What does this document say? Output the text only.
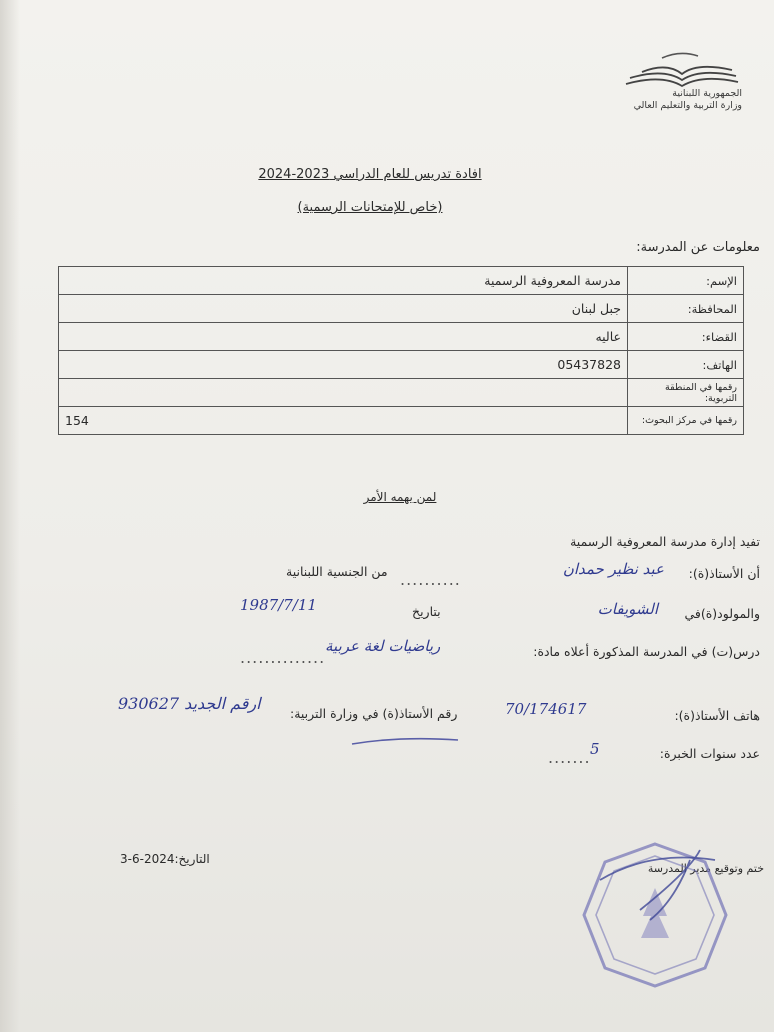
الجمهورية اللبنانية
وزارة التربية والتعليم العالي
افادة تدريس للعام الدراسي 2023-2024
(خاص للإمتحانات الرسمية)
معلومات عن المدرسة:
الإسم:	مدرسة المعروفية الرسمية
المحافظة:	جبل لبنان
القضاء:	عاليه
الهاتف:	05437828
رقمها في المنطقة التربوية:	
رقمها في مركز البحوث:	154
لمن يهمه الأمر
تفيد إدارة مدرسة المعروفية الرسمية
أن الأستاذ(ة):
عبد نظير حمدان
..........
من الجنسية اللبنانية
والمولود(ة)في
الشويفات
بتاريخ
1987/7/11
درس(ت) في المدرسة المذكورة أعلاه مادة:
رياضيات لغة عربية
..............
هاتف الأستاذ(ة):
70/174617
رقم الأستاذ(ة) في وزارة التربية:
ارقم الجديد 930627
عدد سنوات الخبرة:
5
.......
التاريخ:2024-6-3
ختم وتوقيع مدير المدرسة
